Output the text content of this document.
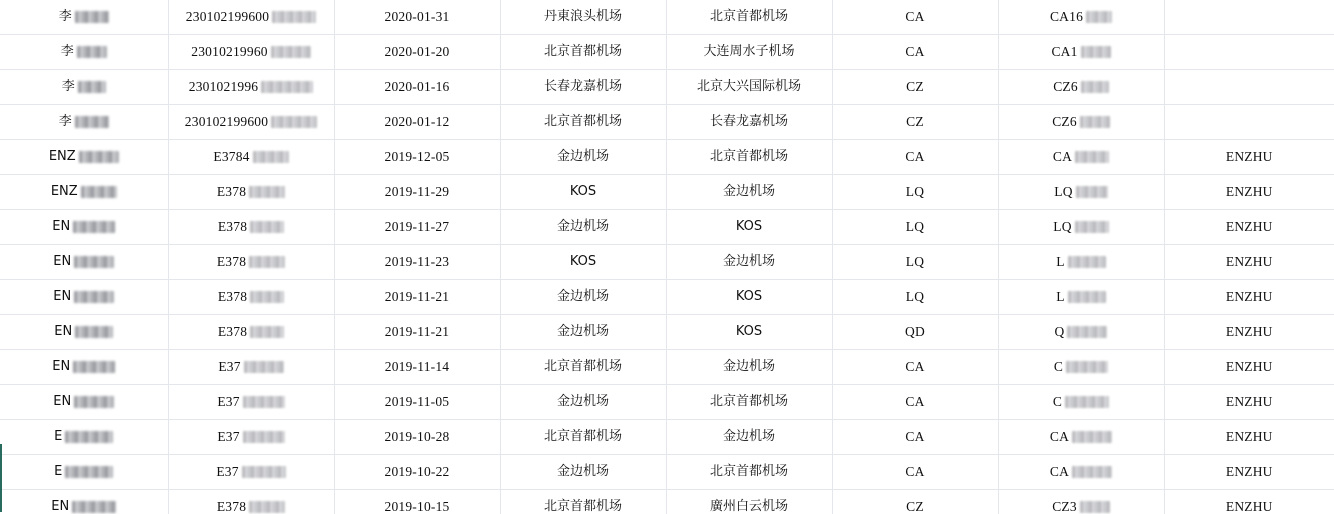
李	230102199600	2020-01-31	丹東浪头机场	北京首都机场	CA	CA16	

李	23010219960	2020-01-20	北京首都机场	大连周水子机场	CA	CA1	

李	2301021996	2020-01-16	长春龙嘉机场	北京大兴国际机场	CZ	CZ6	

李	230102199600	2020-01-12	北京首都机场	长春龙嘉机场	CZ	CZ6	

ENZ	E3784	2019-12-05	金边机场	北京首都机场	CA	CA	ENZHU

ENZ	E378	2019-11-29	KOS	金边机场	LQ	LQ	ENZHU

EN	E378	2019-11-27	金边机场	KOS	LQ	LQ	ENZHU

EN	E378	2019-11-23	KOS	金边机场	LQ	L	ENZHU

EN	E378	2019-11-21	金边机场	KOS	LQ	L	ENZHU

EN	E378	2019-11-21	金边机场	KOS	QD	Q	ENZHU

EN	E37	2019-11-14	北京首都机场	金边机场	CA	C	ENZHU

EN	E37	2019-11-05	金边机场	北京首都机场	CA	C	ENZHU

E	E37	2019-10-28	北京首都机场	金边机场	CA	CA	ENZHU

E	E37	2019-10-22	金边机场	北京首都机场	CA	CA	ENZHU

EN	E378	2019-10-15	北京首都机场	廣州白云机场	CZ	CZ3	ENZHU
